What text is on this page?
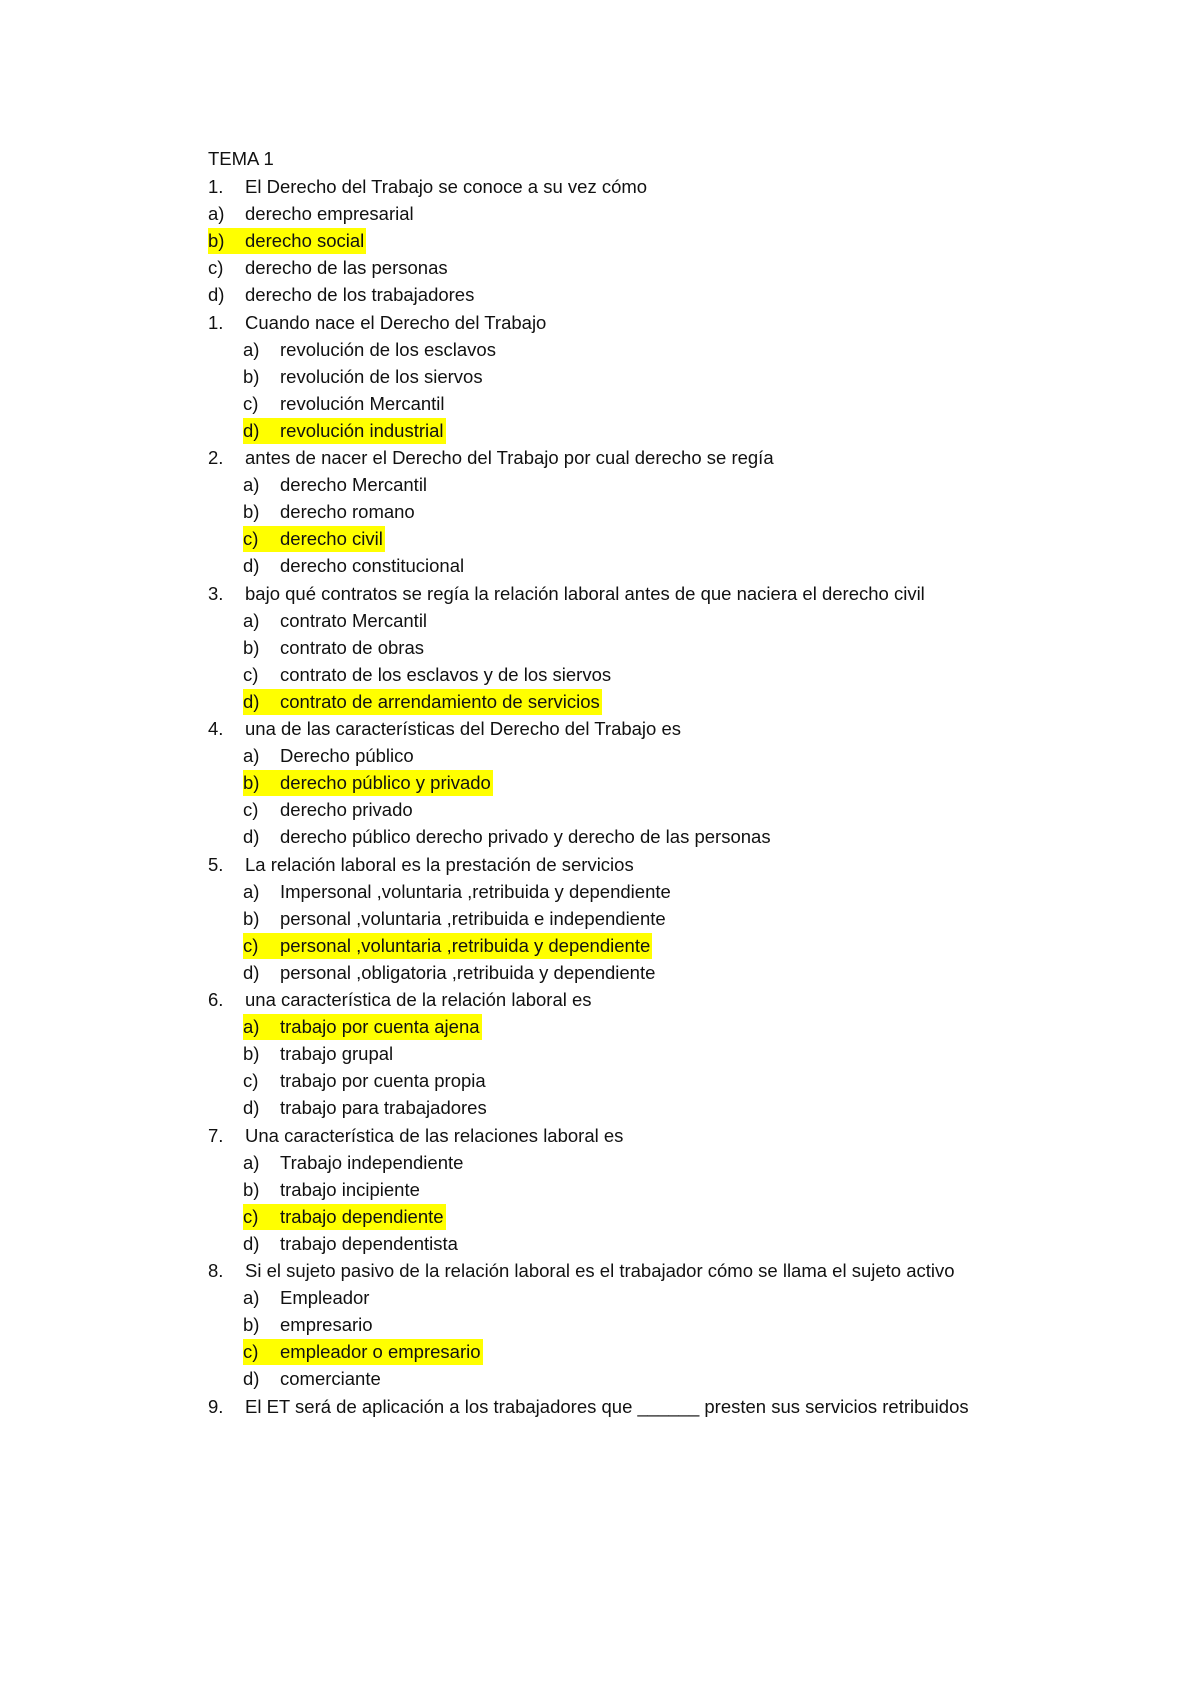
TEMA 1
1. El Derecho del Trabajo se conoce a su vez cómo
a) derecho empresarial
b) derecho social
c) derecho de las personas
d) derecho de los trabajadores
1. Cuando nace el Derecho del Trabajo
a) revolución de los esclavos
b) revolución de los siervos
c) revolución Mercantil
d) revolución industrial
2. antes de nacer el Derecho del Trabajo por cual derecho se regía
a) derecho Mercantil
b) derecho romano
c) derecho civil
d) derecho constitucional
3. bajo qué contratos se regía la relación laboral antes de que naciera el derecho civil
a) contrato Mercantil
b) contrato de obras
c) contrato de los esclavos y de los siervos
d) contrato de arrendamiento de servicios
4. una de las características del Derecho del Trabajo es
a) Derecho público
b) derecho público y privado
c) derecho privado
d) derecho público derecho privado y derecho de las personas
5. La relación laboral es la prestación de servicios
a) Impersonal ,voluntaria ,retribuida y dependiente
b) personal ,voluntaria ,retribuida e independiente
c) personal ,voluntaria ,retribuida y dependiente
d) personal ,obligatoria ,retribuida y dependiente
6. una característica de la relación laboral es
a) trabajo por cuenta ajena
b) trabajo grupal
c) trabajo por cuenta propia
d) trabajo para trabajadores
7. Una característica de las relaciones laboral es
a) Trabajo independiente
b) trabajo incipiente
c) trabajo dependiente
d) trabajo dependentista
8. Si el sujeto pasivo de la relación laboral es el trabajador cómo se llama el sujeto activo
a) Empleador
b) empresario
c) empleador o empresario
d) comerciante
9. El ET será de aplicación a los trabajadores que ______ presten sus servicios retribuidos
